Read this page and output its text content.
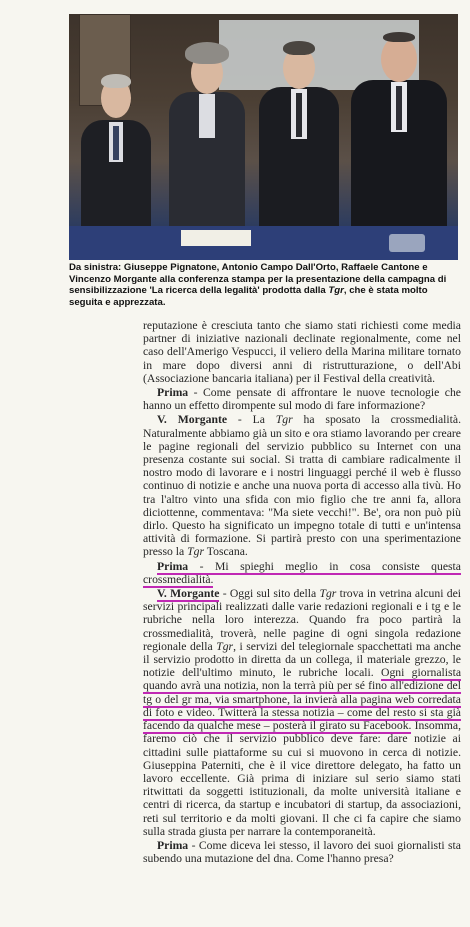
Da sinistra: Giuseppe Pignatone, Antonio Campo Dall'Orto, Raffaele Cantone e Vincenzo Morgante alla conferenza stampa per la presentazione della campagna di sensibilizzazione 'La ricerca della legalità' prodotta dalla Tgr, che è stata molto seguita e apprezzata.

reputazione è cresciuta tanto che siamo stati richiesti come media partner di iniziative nazionali declinate regionalmente, come nel caso dell'Amerigo Vespucci, il veliero della Marina militare tornato in mare dopo diversi anni di ristrutturazione, o dell'Abi (Associazione bancaria italiana) per il Festival della creatività.

Prima - Come pensate di affrontare le nuove tecnologie che hanno un effetto dirompente sul modo di fare informazione?

V. Morgante - La Tgr ha sposato la crossmedialità. Naturalmente abbiamo già un sito e ora stiamo lavorando per creare le pagine regionali del servizio pubblico su Internet con una presenza costante sui social. Si tratta di cambiare radicalmente il nostro modo di lavorare e i nostri linguaggi perché il web è flusso continuo di notizie e anche una nuova porta di accesso alla tivù. Ho tra l'altro vinto una sfida con mio figlio che tre anni fa, allora diciottenne, commentava: "Ma siete vecchi!". Be', ora non può più dirlo. Questo ha significato un impegno totale di tutti e un'intensa attività di formazione. Si partirà presto con una sperimentazione presso la Tgr Toscana.

Prima - Mi spieghi meglio in cosa consiste questa crossmedialità.

V. Morgante - Oggi sul sito della Tgr trova in vetrina alcuni dei servizi principali realizzati dalle varie redazioni regionali e i tg e le rubriche nella loro interezza. Quando fra poco partirà la crossmedialità, troverà, nelle pagine di ogni singola redazione regionale della Tgr, i servizi del telegiornale spacchettati ma anche il servizio prodotto in diretta da un collega, il materiale grezzo, le notizie dell'ultimo minuto, le rubriche locali. Ogni giornalista quando avrà una notizia, non la terrà più per sé fino all'edizione del tg o del gr ma, via smartphone, la invierà alla pagina web corredata di foto e video. Twitterà la stessa notizia – come del resto si sta già facendo da qualche mese – posterà il girato su Facebook. Insomma, faremo ciò che il servizio pubblico deve fare: dare notizie ai cittadini sulle piattaforme su cui si muovono in cerca di notizie. Giuseppina Paterniti, che è il vice direttore delegato, ha fatto un lavoro eccellente. Già prima di iniziare sul serio siamo stati ritwittati da soggetti istituzionali, da molte università italiane e centri di ricerca, da startup e incubatori di startup, da associazioni, reti sul territorio e da molti giovani. Il che ci fa capire che siamo sulla strada giusta per narrare la contemporaneità.

Prima - Come diceva lei stesso, il lavoro dei suoi giornalisti sta subendo una mutazione del dna. Come l'hanno presa?
